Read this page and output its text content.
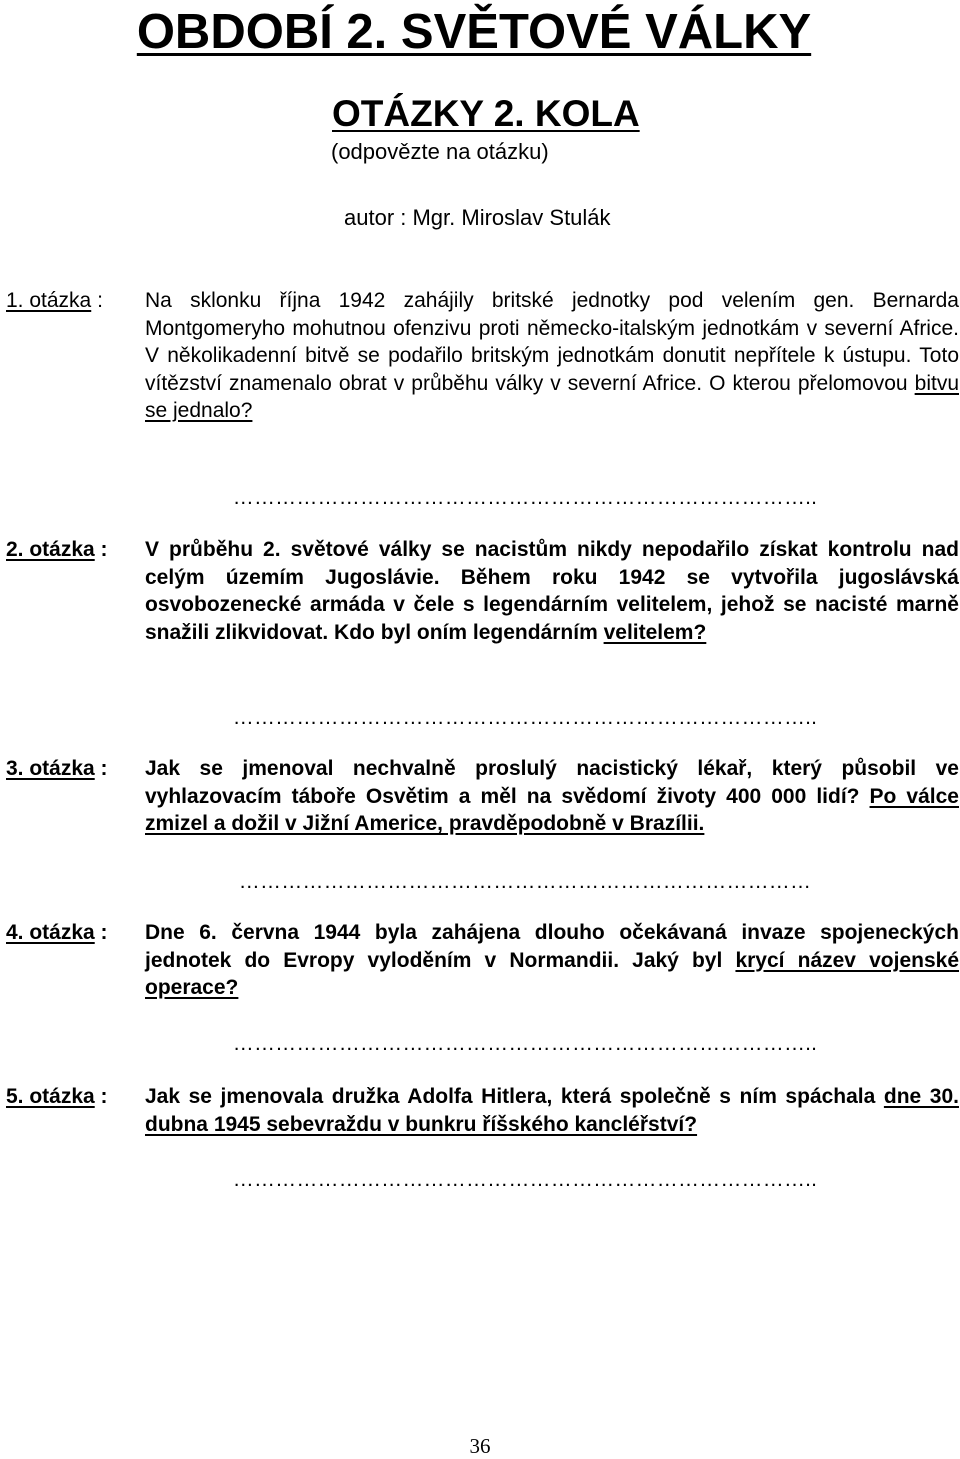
OBDOBÍ 2. SVĚTOVÉ VÁLKY
OTÁZKY 2. KOLA
(odpovězte na otázku)
autor : Mgr. Miroslav Stulák
1. otázka : Na sklonku října 1942 zahájily britské jednotky pod velením gen. Bernarda Montgomeryho mohutnou ofenzivu proti německo-italským jednotkám v severní Africe. V několikadenní bitvě se podařilo britským jednotkám donutit nepřítele k ústupu. Toto vítězství znamenalo obrat v průběhu války v severní Africe. O kterou přelomovou bitvu se jednalo?
………………………………………………………………………..
2. otázka : V průběhu 2. světové války se nacistům nikdy nepodařilo získat kontrolu nad celým územím Jugoslávie. Během roku 1942 se vytvořila jugoslávská osvobozenecké armáda v čele s legendárním velitelem, jehož se nacisté marně snažili zlikvidovat. Kdo byl oním legendárním velitelem?
………………………………………………………………………..
3. otázka : Jak se jmenoval nechvalně proslulý nacistický lékař, který působil ve vyhlazovacím táboře Osvětim a měl na svědomí životy 400 000 lidí? Po válce zmizel a dožil v Jižní Americe, pravděpodobně v Brazílii.
………………………………………………………………………
4. otázka : Dne 6. června 1944 byla zahájena dlouho očekávaná invaze spojeneckých jednotek do Evropy vyloděním v Normandii. Jaký byl krycí název vojenské operace?
………………………………………………………………………..
5. otázka : Jak se jmenovala družka Adolfa Hitlera, která společně s ním spáchala dne 30. dubna 1945 sebevraždu v bunkru říšského kancléřství?
………………………………………………………………………..
36
